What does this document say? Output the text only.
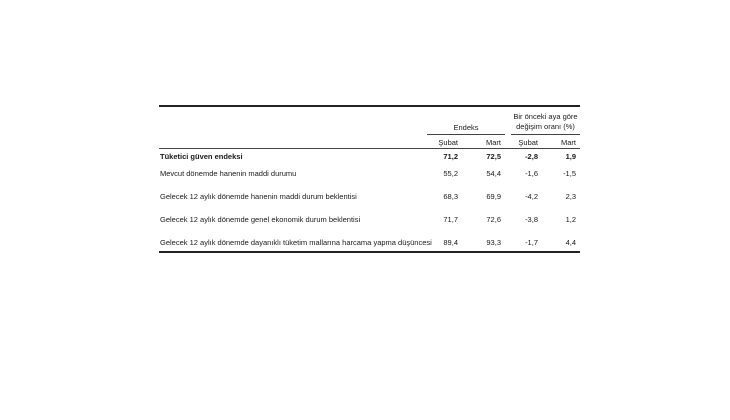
Endeks
Bir önceki aya göre
değişim oranı (%)
Şubat	Mart	Şubat	Mart
Tüketici güven endeksi	71,2	72,5	-2,8	1,9
Mevcut dönemde hanenin maddi durumu	55,2	54,4	-1,6	-1,5
Gelecek 12 aylık dönemde hanenin maddi durum beklentisi	68,3	69,9	-4,2	2,3
Gelecek 12 aylık dönemde genel ekonomik durum beklentisi	71,7	72,6	-3,8	1,2
Gelecek 12 aylık dönemde dayanıklı tüketim mallarına harcama yapma düşüncesi	89,4	93,3	-1,7	4,4
